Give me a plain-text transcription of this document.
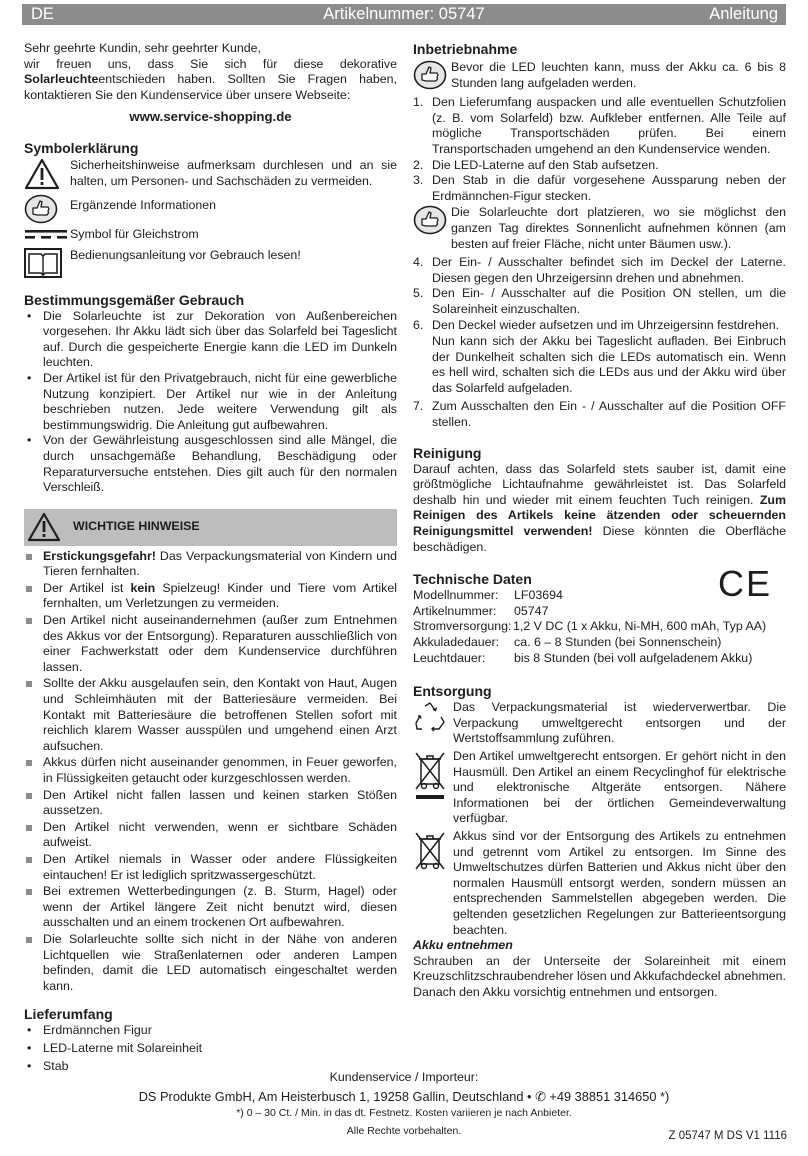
DE	Artikelnummer: 05747	Anleitung

Sehr geehrte Kundin, sehr geehrter Kunde,

wir freuen uns, dass Sie sich für diese dekorative Solarleuchteentschieden haben. Sollten Sie Fragen haben, kontaktieren Sie den Kundenservice über unsere Webseite:

www.service-shopping.de

Symbolerklärung
Sicherheitshinweise aufmerksam durchlesen und an sie halten, um Personen- und Sachschäden zu vermeiden.
Ergänzende Informationen
Symbol für Gleichstrom
Bedienungsanleitung vor Gebrauch lesen!
Bestimmungsgemäßer Gebrauch
• Die Solarleuchte ist zur Dekoration von Außenbereichen vorgesehen. Ihr Akku lädt sich über das Solarfeld bei Tageslicht auf. Durch die gespeicherte Energie kann die LED im Dunkeln leuchten.
• Der Artikel ist für den Privatgebrauch, nicht für eine gewerbliche Nutzung konzipiert. Der Artikel nur wie in der Anleitung beschrieben nutzen. Jede weitere Verwendung gilt als bestimmungswidrig. Die Anleitung gut aufbewahren.
• Von der Gewährleistung ausgeschlossen sind alle Mängel, die durch unsachgemäße Behandlung, Beschädigung oder Reparaturversuche entstehen. Dies gilt auch für den normalen Verschleiß.
WICHTIGE HINWEISE
Erstickungsgefahr! Das Verpackungsmaterial von Kindern und Tieren fernhalten.
Der Artikel ist kein Spielzeug! Kinder und Tiere vom Artikel fernhalten, um Verletzungen zu vermeiden.
Den Artikel nicht auseinandernehmen (außer zum Entnehmen des Akkus vor der Entsorgung). Reparaturen ausschließlich von einer Fachwerkstatt oder dem Kundenservice durchführen lassen.
Sollte der Akku ausgelaufen sein, den Kontakt von Haut, Augen und Schleimhäuten mit der Batteriesäure vermeiden. Bei Kontakt mit Batteriesäure die betroffenen Stellen sofort mit reichlich klarem Wasser ausspülen und umgehend einen Arzt aufsuchen.
Akkus dürfen nicht auseinander genommen, in Feuer geworfen, in Flüssigkeiten getaucht oder kurzgeschlossen werden.
Den Artikel nicht fallen lassen und keinen starken Stößen aussetzen.
Den Artikel nicht verwenden, wenn er sichtbare Schäden aufweist.
Den Artikel niemals in Wasser oder andere Flüssigkeiten eintauchen! Er ist lediglich spritzwassergeschützt.
Bei extremen Wetterbedingungen (z. B. Sturm, Hagel) oder wenn der Artikel längere Zeit nicht benutzt wird, diesen ausschalten und an einem trockenen Ort aufbewahren.
Die Solarleuchte sollte sich nicht in der Nähe von anderen Lichtquellen wie Straßenlaternen oder anderen Lampen befinden, damit die LED automatisch eingeschaltet werden kann.
Lieferumfang
• Erdmännchen Figur
• LED-Laterne mit Solareinheit
• Stab
Inbetriebnahme
Bevor die LED leuchten kann, muss der Akku ca. 6 bis 8 Stunden lang aufgeladen werden.
1. Den Lieferumfang auspacken und alle eventuellen Schutzfolien (z. B. vom Solarfeld) bzw. Aufkleber entfernen. Alle Teile auf mögliche Transportschäden prüfen. Bei einem Transportschaden umgehend an den Kundenservice wenden.
2. Die LED-Laterne auf den Stab aufsetzen.
3. Den Stab in die dafür vorgesehene Aussparung neben der Erdmännchen-Figur stecken.
Die Solarleuchte dort platzieren, wo sie möglichst den ganzen Tag direktes Sonnenlicht aufnehmen können (am besten auf freier Fläche, nicht unter Bäumen usw.).
4. Der Ein- / Ausschalter befindet sich im Deckel der Laterne. Diesen gegen den Uhrzeigersinn drehen und abnehmen.
5. Den Ein- / Ausschalter auf die Position ON stellen, um die Solareinheit einzuschalten.
6. Den Deckel wieder aufsetzen und im Uhrzeigersinn festdrehen.
Nun kann sich der Akku bei Tageslicht aufladen. Bei Einbruch der Dunkelheit schalten sich die LEDs automatisch ein. Wenn es hell wird, schalten sich die LEDs aus und der Akku wird über das Solarfeld aufgeladen.
7. Zum Ausschalten den Ein - / Ausschalter auf die Position OFF stellen.
Reinigung

Darauf achten, dass das Solarfeld stets sauber ist, damit eine größtmögliche Lichtaufnahme gewährleistet ist. Das Solarfeld deshalb hin und wieder mit einem feuchten Tuch reinigen. Zum Reinigen des Artikels keine ätzenden oder scheuernden Reinigungsmittel verwenden! Diese könnten die Oberfläche beschädigen.

Technische Daten	CE
Modellnummer:	LF03694
Artikelnummer:	05747
Stromversorgung: 1,2 V DC (1 x Akku, Ni-MH, 600 mAh, Typ AA)
Akkuladedauer:	ca. 6 – 8 Stunden (bei Sonnenschein)
Leuchtdauer:	bis 8 Stunden (bei voll aufgeladenem Akku)
Entsorgung
Das Verpackungsmaterial ist wiederverwertbar. Die Verpackung umweltgerecht entsorgen und der Wertstoffsammlung zuführen.
Den Artikel umweltgerecht entsorgen. Er gehört nicht in den Hausmüll. Den Artikel an einem Recyclinghof für elektrische und elektronische Altgeräte entsorgen. Nähere Informationen bei der örtlichen Gemeindeverwaltung verfügbar.
Akkus sind vor der Entsorgung des Artikels zu entnehmen und getrennt vom Artikel zu entsorgen. Im Sinne des Umweltschutzes dürfen Batterien und Akkus nicht über den normalen Hausmüll entsorgt werden, sondern müssen an entsprechenden Sammelstellen abgegeben werden. Die geltenden gesetzlichen Regelungen zur Batterieentsorgung beachten.

Akku entnehmen

Schrauben an der Unterseite der Solareinheit mit einem Kreuzschlitzschraubendreher lösen und Akkufachdeckel abnehmen. Danach den Akku vorsichtig entnehmen und entsorgen.

Kundenservice / Importeur:
DS Produkte GmbH, Am Heisterbusch 1, 19258 Gallin, Deutschland • ✆ +49 38851 314650 *)
*) 0 – 30 Ct. / Min. in das dt. Festnetz. Kosten variieren je nach Anbieter.
Alle Rechte vorbehalten.	Z 05747 M DS V1 1116
